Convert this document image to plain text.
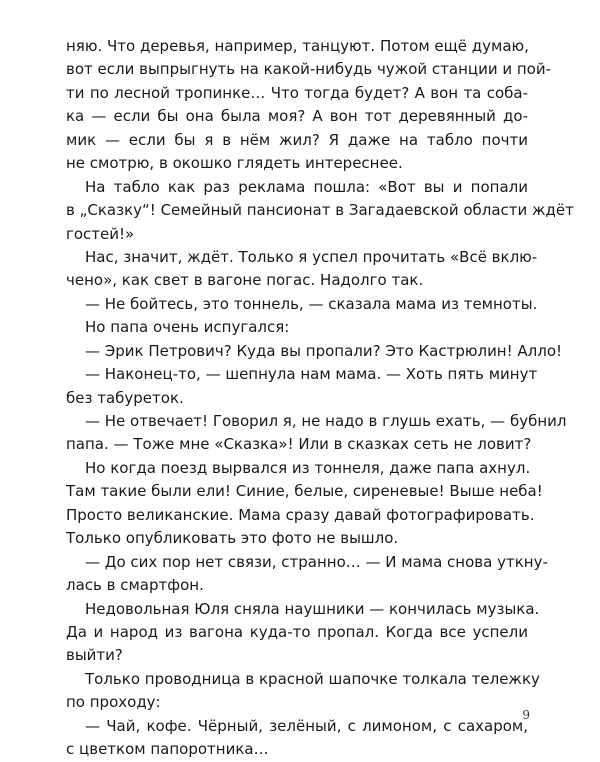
няю. Что деревья, например, танцуют. Потом ещё думаю,
вот если выпрыгнуть на какой-нибудь чужой станции и пой-
ти по лесной тропинке… Что тогда будет? А вон та соба-
ка — если бы она была моя? А вон тот деревянный до-
мик — если бы я в нём жил? Я даже на табло почти
не смотрю, в окошко глядеть интереснее.
На табло как раз реклама пошла: «Вот вы и попали
в „Сказку“! Семейный пансионат в Загадаевской области ждёт
гостей!»
Нас, значит, ждёт. Только я успел прочитать «Всё вклю-
чено», как свет в вагоне погас. Надолго так.
— Не бойтесь, это тоннель, — сказала мама из темноты.
Но папа очень испугался:
— Эрик Петрович? Куда вы пропали? Это Кастрюлин! Алло!
— Наконец-то, — шепнула нам мама. — Хоть пять минут
без табуреток.
— Не отвечает! Говорил я, не надо в глушь ехать, — бубнил
папа. — Тоже мне «Сказка»! Или в сказках сеть не ловит?
Но когда поезд вырвался из тоннеля, даже папа ахнул.
Там такие были ели! Синие, белые, сиреневые! Выше неба!
Просто великанские. Мама сразу давай фотографировать.
Только опубликовать это фото не вышло.
— До сих пор нет связи, странно… — И мама снова уткну-
лась в смартфон.
Недовольная Юля сняла наушники — кончилась музыка.
Да и народ из вагона куда-то пропал. Когда все успели
выйти?
Только проводница в красной шапочке толкала тележку
по проходу:
— Чай, кофе. Чёрный, зелёный, с лимоном, с сахаром,
с цветком папоротника…
9
